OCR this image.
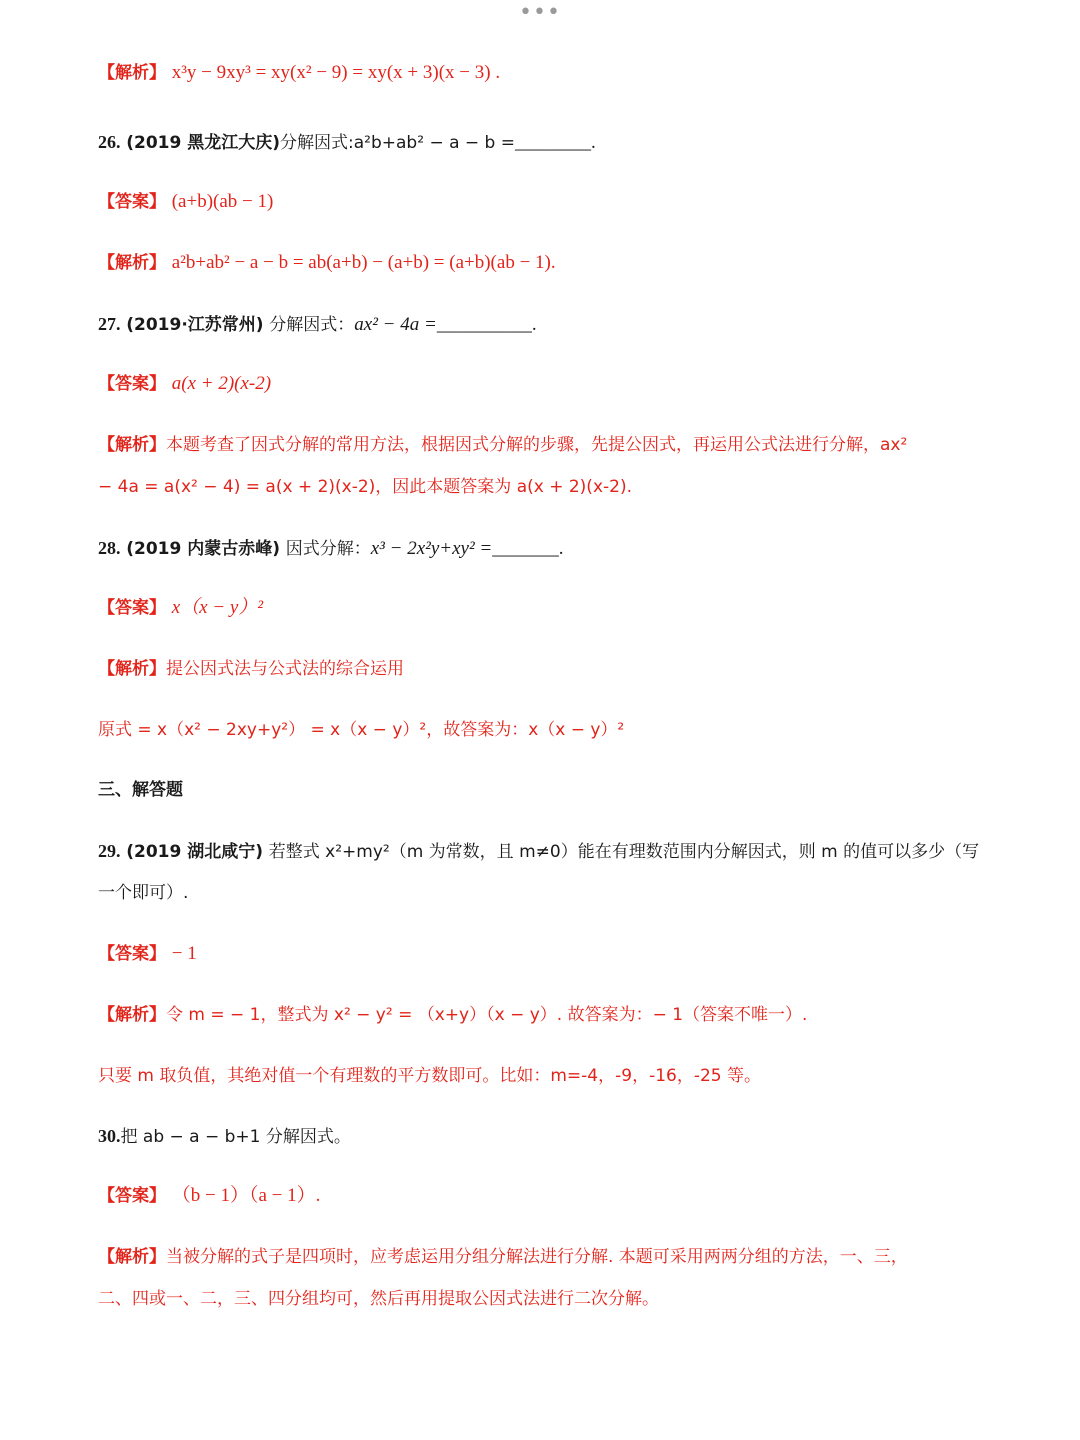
•••
【解析】 x³y − 9xy³ = xy(x² − 9) = xy(x + 3)(x − 3) .
26. (2019 黑龙江大庆)分解因式:a²b+ab² − a − b =________.
【答案】 (a+b)(ab − 1)
【解析】 a²b+ab² − a − b = ab(a+b) − (a+b) = (a+b)(ab − 1).
27. (2019·江苏常州) 分解因式：ax² − 4a =__________.
【答案】 a(x + 2)(x-2)
【解析】本题考查了因式分解的常用方法，根据因式分解的步骤，先提公因式，再运用公式法进行分解，ax²
− 4a = a(x² − 4) = a(x + 2)(x-2)，因此本题答案为 a(x + 2)(x-2).
28. (2019 内蒙古赤峰) 因式分解：x³ − 2x²y+xy² =_______.
【答案】 x（x − y）²
【解析】提公因式法与公式法的综合运用
原式 = x（x² − 2xy+y²） = x（x − y）²，故答案为：x（x − y）²
三、解答题
29. (2019 湖北咸宁) 若整式 x²+my²（m 为常数，且 m≠0）能在有理数范围内分解因式，则 m 的值可以多少（写
一个即可）.
【答案】 − 1
【解析】令 m = − 1，整式为 x² − y² = （x+y）（x − y）. 故答案为：− 1（答案不唯一）.
只要 m 取负值，其绝对值一个有理数的平方数即可。比如：m=-4，-9，-16，-25 等。
30.把 ab − a − b+1 分解因式。
【答案】 （b − 1）（a − 1）.
【解析】当被分解的式子是四项时，应考虑运用分组分解法进行分解. 本题可采用两两分组的方法，一、三，
二、四或一、二，三、四分组均可，然后再用提取公因式法进行二次分解。
